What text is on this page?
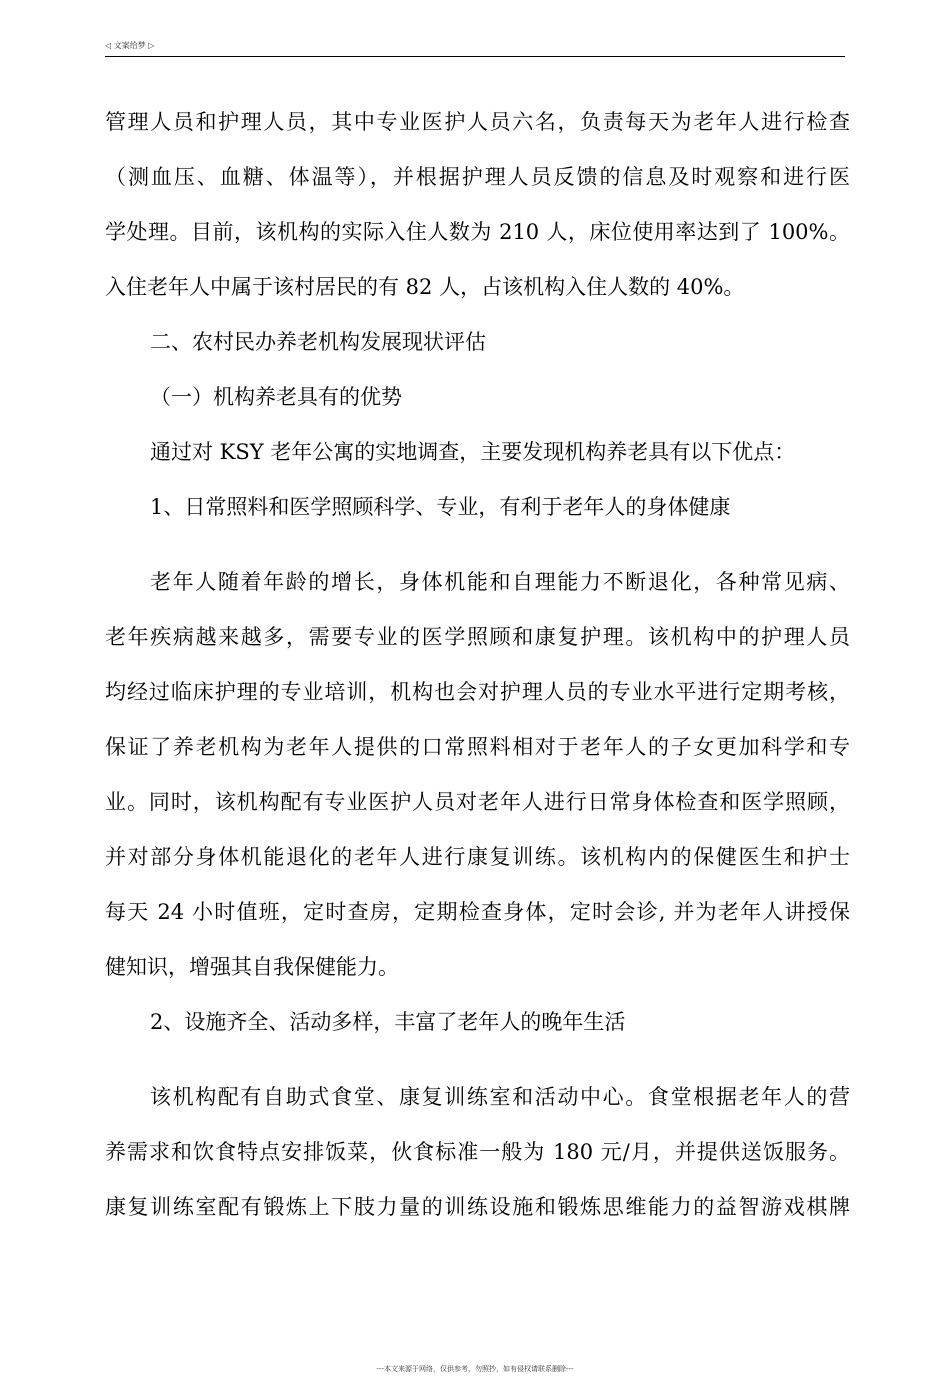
◁ 文案给梦 ▷
管理人员和护理人员，其中专业医护人员六名，负责每天为老年人进行检查
（测血压、血糖、体温等），并根据护理人员反馈的信息及时观察和进行医
学处理。目前，该机构的实际入住人数为 210 人，床位使用率达到了 100%。
入住老年人中属于该村居民的有 82 人，占该机构入住人数的 40%。
二、农村民办养老机构发展现状评估
（一）机构养老具有的优势
通过对 KSY 老年公寓的实地调查，主要发现机构养老具有以下优点：
1、日常照料和医学照顾科学、专业，有利于老年人的身体健康
老年人随着年龄的增长，身体机能和自理能力不断退化，各种常见病、
老年疾病越来越多，需要专业的医学照顾和康复护理。该机构中的护理人员
均经过临床护理的专业培训，机构也会对护理人员的专业水平进行定期考核，
保证了养老机构为老年人提供的口常照料相对于老年人的子女更加科学和专
业。同时，该机构配有专业医护人员对老年人进行日常身体检查和医学照顾，
并对部分身体机能退化的老年人进行康复训练。该机构内的保健医生和护士
每天 24 小时值班，定时查房，定期检查身体，定时会诊, 并为老年人讲授保
健知识，增强其自我保健能力。
2、设施齐全、活动多样，丰富了老年人的晚年生活
该机构配有自助式食堂、康复训练室和活动中心。食堂根据老年人的营
养需求和饮食特点安排饭菜，伙食标准一般为 180 元/月，并提供送饭服务。
康复训练室配有锻炼上下肢力量的训练设施和锻炼思维能力的益智游戏棋牌
---本文来源于网络，仅供参考，勿照抄，如有侵权请联系删除---
